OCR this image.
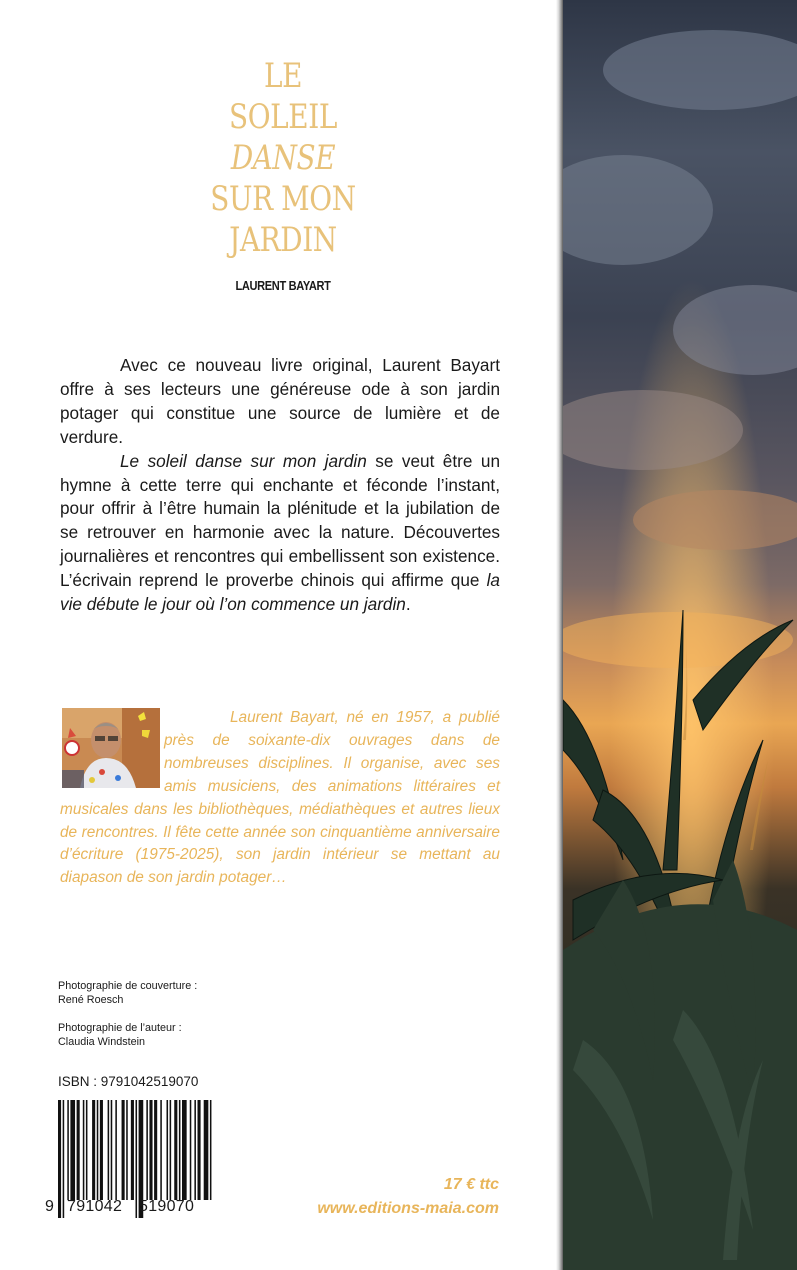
LE
SOLEIL
DANSE
SUR MON
JARDIN
LAURENT BAYART

Avec ce nouveau livre original, Laurent Bayart offre à ses lecteurs une généreuse ode à son jardin potager qui constitue une source de lumière et de verdure.

Le soleil danse sur mon jardin se veut être un hymne à cette terre qui enchante et féconde l’instant, pour offrir à l’être humain la plénitude et la jubilation de se retrouver en harmonie avec la nature. Découvertes journalières et rencontres qui embellissent son existence. L’écrivain reprend le proverbe chinois qui affirme que la vie débute le jour où l’on commence un jardin.

Laurent Bayart, né en 1957, a publié près de soixante-dix ouvrages dans de nombreuses disciplines. Il organise, avec ses amis musiciens, des animations littéraires et musicales dans les bibliothèques, médiathèques et autres lieux de rencontres. Il fête cette année son cinquantième anniversaire d’écriture (1975-2025), son jardin intérieur se mettant au diapason de son jardin potager…
Photographie de couverture :
René Roesch
Photographie de l’auteur :
Claudia Windstein
ISBN : 9791042519070
9 791042 519070
17 € ttc
www.editions-maia.com
